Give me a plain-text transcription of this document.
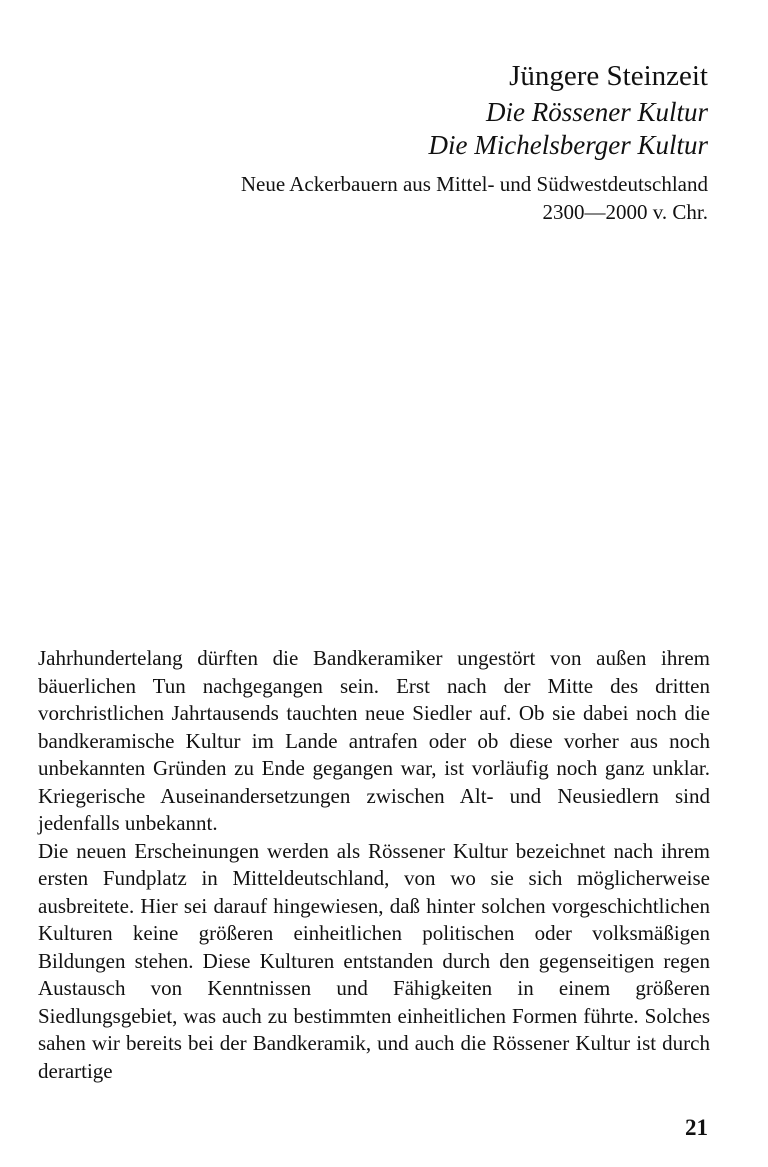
Jüngere Steinzeit
Die Rössener Kultur
Die Michelsberger Kultur
Neue Ackerbauern aus Mittel- und Südwestdeutschland
2300—2000 v. Chr.

Jahrhundertelang dürften die Bandkeramiker ungestört von außen ihrem bäuerlichen Tun nachgegangen sein. Erst nach der Mitte des dritten vorchristlichen Jahrtausends tauchten neue Siedler auf. Ob sie dabei noch die bandkeramische Kultur im Lande antrafen oder ob diese vorher aus noch unbekannten Gründen zu Ende gegangen war, ist vorläufig noch ganz unklar. Kriegerische Auseinandersetzungen zwischen Alt- und Neusiedlern sind jedenfalls unbekannt.

Die neuen Erscheinungen werden als Rössener Kultur bezeichnet nach ihrem ersten Fundplatz in Mitteldeutschland, von wo sie sich möglicherweise ausbreitete. Hier sei darauf hingewiesen, daß hinter solchen vorgeschichtlichen Kulturen keine größeren einheitlichen politischen oder volksmäßigen Bildungen stehen. Diese Kulturen entstanden durch den gegenseitigen regen Austausch von Kenntnissen und Fähigkeiten in einem größeren Siedlungsgebiet, was auch zu bestimmten einheitlichen Formen führte. Solches sahen wir bereits bei der Bandkeramik, und auch die Rössener Kultur ist durch derartige

21
